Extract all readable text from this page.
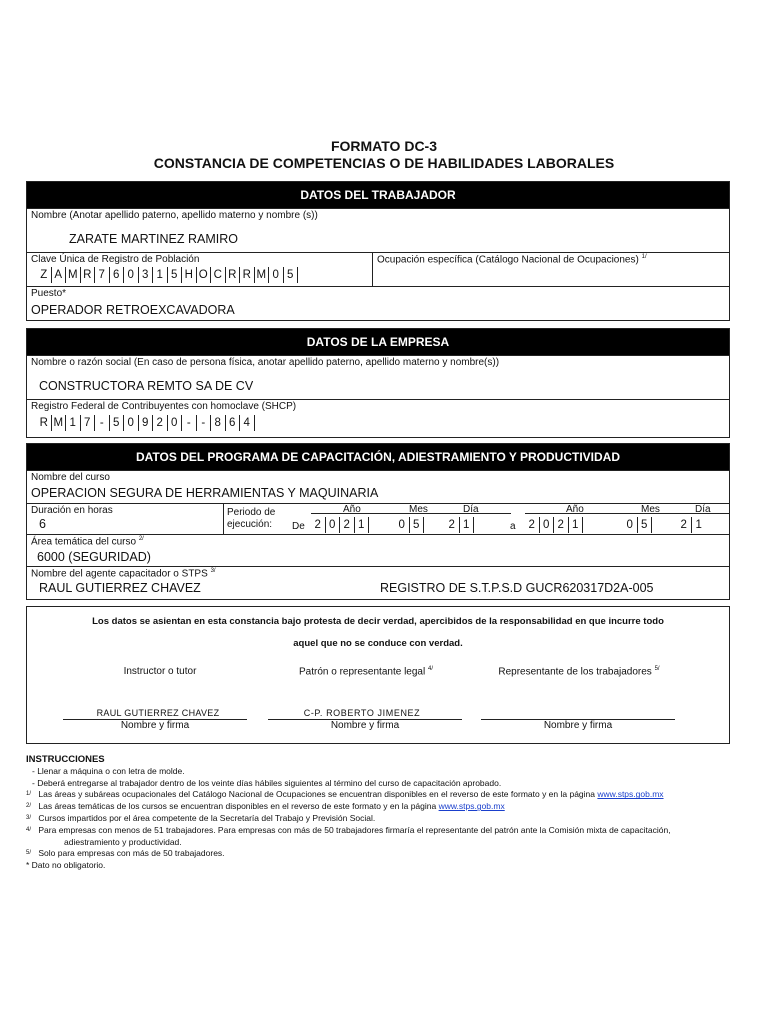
FORMATO DC-3
CONSTANCIA DE COMPETENCIAS O DE HABILIDADES LABORALES
DATOS DEL TRABAJADOR
Nombre (Anotar apellido paterno, apellido materno y nombre (s))
ZARATE MARTINEZ RAMIRO
Clave Única de Registro de Población
Z A M R 7 6 0 3 1 5 H O C R R M 0 5
Ocupación específica (Catálogo Nacional de Ocupaciones) $^{1/}$
Puesto*
OPERADOR RETROEXCAVADORA
DATOS DE LA EMPRESA
Nombre o razón social (En caso de persona física, anotar apellido paterno, apellido materno y nombre(s))
CONSTRUCTORA REMTO SA DE CV
Registro Federal de Contribuyentes con homoclave (SHCP)
R M 1 7 - 5 0 9 2 0 - - 8 6 4
DATOS DEL PROGRAMA DE CAPACITACIÓN, ADIESTRAMIENTO Y PRODUCTIVIDAD
Nombre del curso
OPERACION SEGURA DE HERRAMIENTAS Y MAQUINARIA
Duración en horas
6
Periodo de
ejecución: De	a
Año	Mes	Día	Año	Mes	Día
2 0 2 1	0 5	2 1	2 0 2 1	0 5	2 1
Área temática del curso $^{2/}$
6000 (SEGURIDAD)
Nombre del agente capacitador o STPS $^{3/}$
RAUL GUTIERREZ CHAVEZ	REGISTRO DE S.T.P.S.D GUCR620317D2A-005
Los datos se asientan en esta constancia bajo protesta de decir verdad, apercibidos de la responsabilidad en que incurre todo
aquel que no se conduce con verdad.
Instructor o tutor	Patrón o representante legal $^{4/}$	Representante de los trabajadores $^{5/}$
RAUL GUTIERREZ CHAVEZ	C-P. ROBERTO JIMENEZ
Nombre y firma	Nombre y firma	Nombre y firma
INSTRUCCIONES
- Llenar a máquina o con letra de molde.
- Deberá entregarse al trabajador dentro de los veinte días hábiles siguientes al término del curso de capacitación aprobado.
1/ Las áreas y subáreas ocupacionales del Catálogo Nacional de Ocupaciones se encuentran disponibles en el reverso de este formato y en la página www.stps.gob.mx
2/ Las áreas temáticas de los cursos se encuentran disponibles en el reverso de este formato y en la página www.stps.gob.mx
3/ Cursos impartidos por el área competente de la Secretaría del Trabajo y Previsión Social.
4/ Para empresas con menos de 51 trabajadores. Para empresas con más de 50 trabajadores firmaría el representante del patrón ante la Comisión mixta de capacitación,
adiestramiento y productividad.
5/ Solo para empresas con más de 50 trabajadores.
* Dato no obligatorio.
